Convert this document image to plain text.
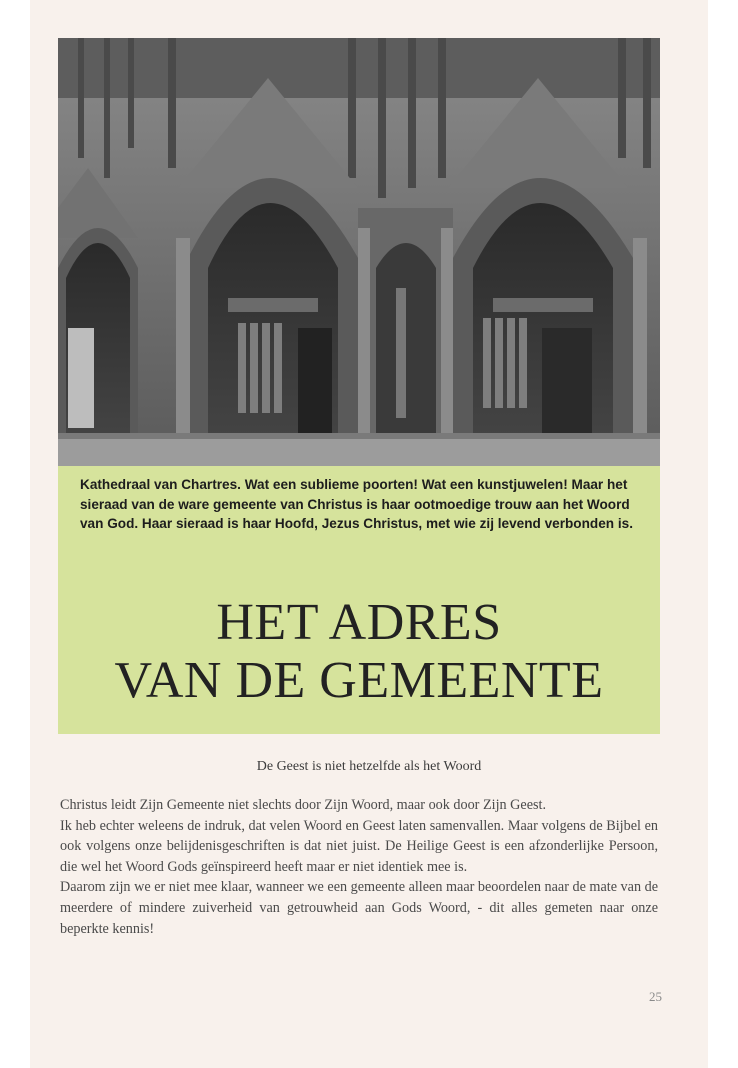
Kathedraal van Chartres. Wat een sublieme poorten! Wat een kunstjuwelen! Maar het sieraad van de ware gemeente van Christus is haar ootmoedige trouw aan het Woord van God. Haar sieraad is haar Hoofd, Jezus Christus, met wie zij levend verbonden is.
HET ADRES
VAN DE GEMEENTE
De Geest is niet hetzelfde als het Woord

Christus leidt Zijn Gemeente niet slechts door Zijn Woord, maar ook door Zijn Geest.

Ik heb echter weleens de indruk, dat velen Woord en Geest laten samenvallen. Maar volgens de Bijbel en ook volgens onze belijdenisgeschriften is dat niet juist. De Heilige Geest is een afzonderlijke Persoon, die wel het Woord Gods geïnspireerd heeft maar er niet identiek mee is.

Daarom zijn we er niet mee klaar, wanneer we een gemeente alleen maar beoordelen naar de mate van de meerdere of mindere zuiverheid van getrouwheid aan Gods Woord, - dit alles gemeten naar onze beperkte kennis!

25
